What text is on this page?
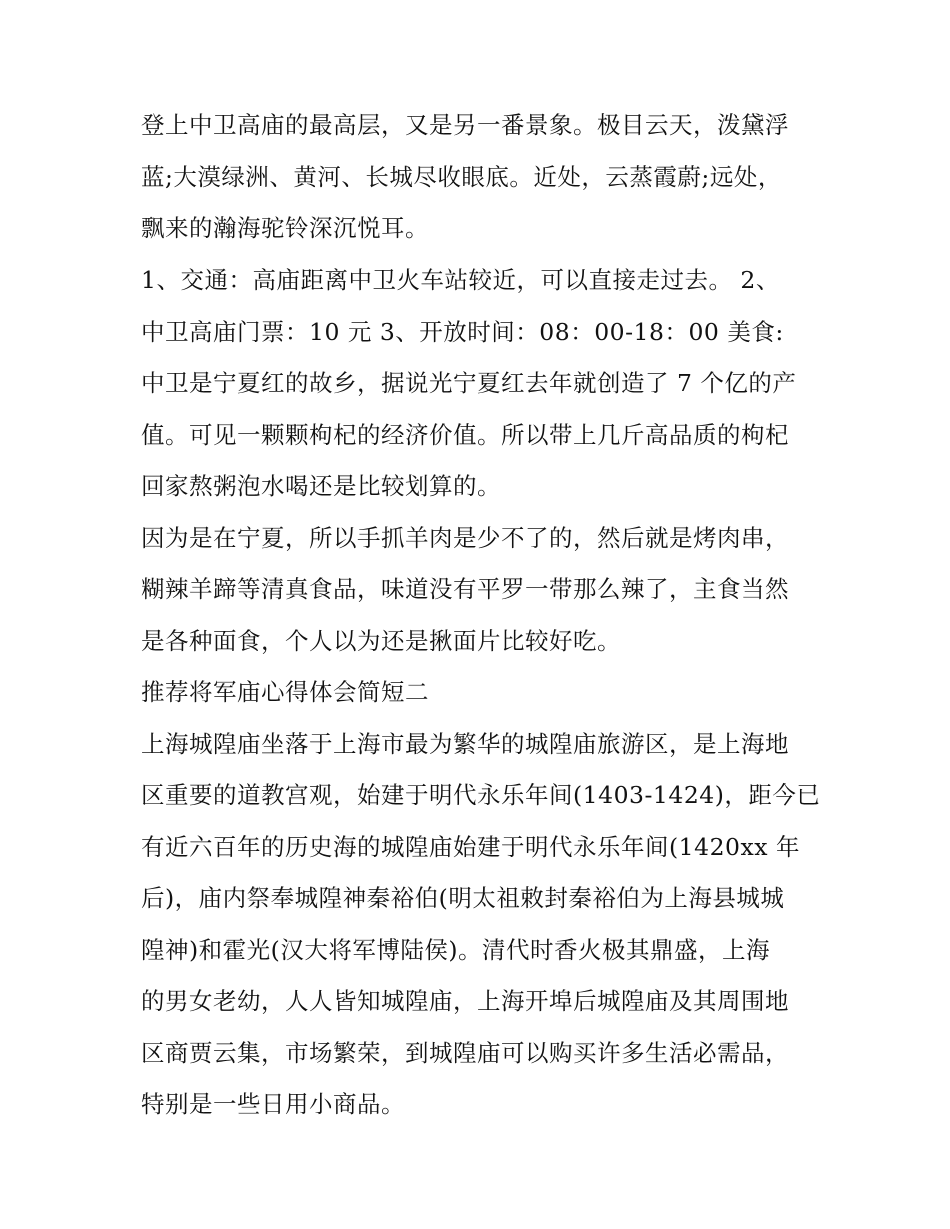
登上中卫高庙的最高层，又是另一番景象。极目云天，泼黛浮
蓝;大漠绿洲、黄河、长城尽收眼底。近处，云蒸霞蔚;远处，
飘来的瀚海驼铃深沉悦耳。
1、交通：高庙距离中卫火车站较近，可以直接走过去。 2、
中卫高庙门票：10 元 3、开放时间：08：00-18：00 美食:
中卫是宁夏红的故乡，据说光宁夏红去年就创造了 7 个亿的产
值。可见一颗颗枸杞的经济价值。所以带上几斤高品质的枸杞
回家熬粥泡水喝还是比较划算的。
因为是在宁夏，所以手抓羊肉是少不了的，然后就是烤肉串，
糊辣羊蹄等清真食品，味道没有平罗一带那么辣了，主食当然
是各种面食，个人以为还是揪面片比较好吃。
推荐将军庙心得体会简短二
上海城隍庙坐落于上海市最为繁华的城隍庙旅游区，是上海地
区重要的道教宫观，始建于明代永乐年间(1403-1424)，距今已
有近六百年的历史海的城隍庙始建于明代永乐年间(1420xx 年
后)，庙内祭奉城隍神秦裕伯(明太祖敕封秦裕伯为上海县城城
隍神)和霍光(汉大将军博陆侯)。清代时香火极其鼎盛，上海
的男女老幼，人人皆知城隍庙，上海开埠后城隍庙及其周围地
区商贾云集，市场繁荣，到城隍庙可以购买许多生活必需品，
特别是一些日用小商品。
